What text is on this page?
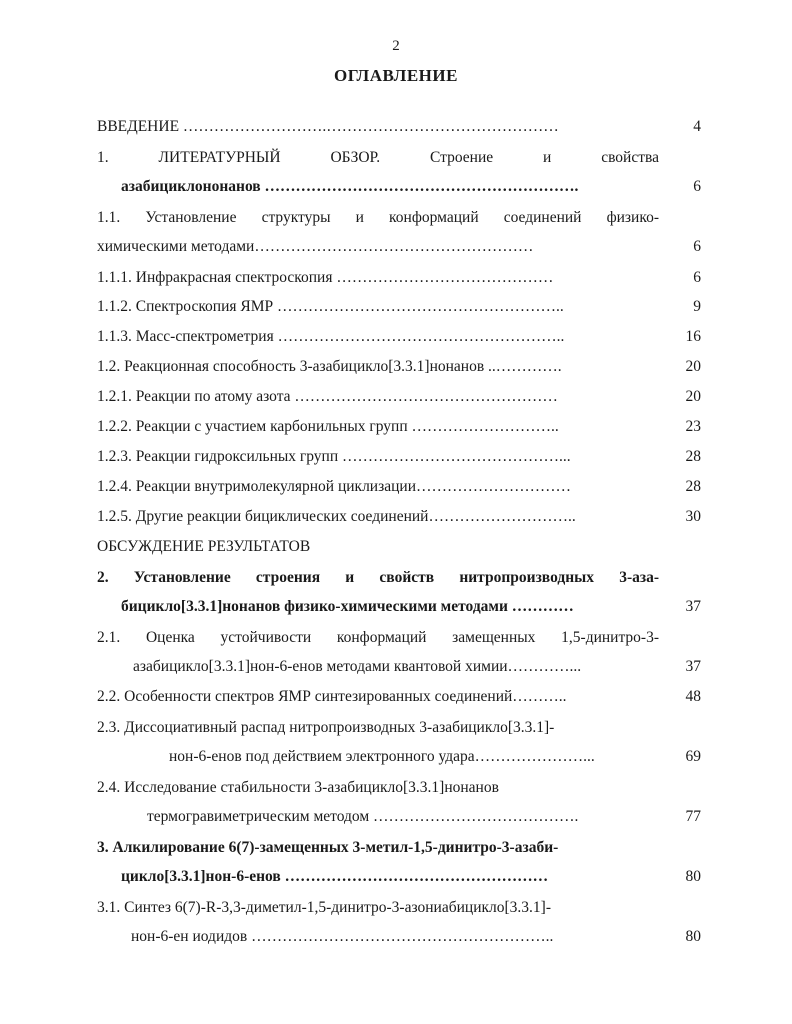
2
ОГЛАВЛЕНИЕ
ВВЕДЕНИЕ ……………………….………………………………………	4
1. ЛИТЕРАТУРНЫЙ ОБЗОР. Строение и свойства
азабициклононанов …………………………………………………….	6
1.1. Установление структуры и конформаций соединений физико-
химическими методами………………………………………………	6
1.1.1. Инфракрасная спектроскопия ……………………………………	6
1.1.2. Спектроскопия ЯМР ………………………………………………..	9
1.1.3. Масс-спектрометрия ………………………………………………..	16
1.2. Реакционная способность 3-азабицикло[3.3.1]нонанов ..………….	20
1.2.1. Реакции по атому азота ……………………………………………	20
1.2.2. Реакции с участием карбонильных групп ………………………..	23
1.2.3. Реакции гидроксильных групп ……………………………………...	28
1.2.4. Реакции внутримолекулярной циклизации…………………………	28
1.2.5. Другие реакции бициклических соединений………………………..	30
ОБСУЖДЕНИЕ РЕЗУЛЬТАТОВ
2. Установление строения и свойств нитропроизводных 3-аза-
бицикло[3.3.1]нонанов физико-химическими методами …………	37
2.1. Оценка устойчивости конформаций замещенных 1,5-динитро-3-
азабицикло[3.3.1]нон-6-енов методами квантовой химии…………...	37
2.2. Особенности спектров ЯМР синтезированных соединений………..	48
2.3. Диссоциативный распад нитропроизводных 3-азабицикло[3.3.1]-
нон-6-енов под действием электронного удара…………………...	69
2.4. Исследование стабильности 3-азабицикло[3.3.1]нонанов
термогравиметрическим методом ………………………………….	77
3. Алкилирование 6(7)-замещенных 3-метил-1,5-динитро-3-азаби-
цикло[3.3.1]нон-6-енов ……………………………………………	80
3.1. Синтез 6(7)-R-3,3-диметил-1,5-динитро-3-азониабицикло[3.3.1]-
нон-6-ен иодидов …………………………………………………..	80
